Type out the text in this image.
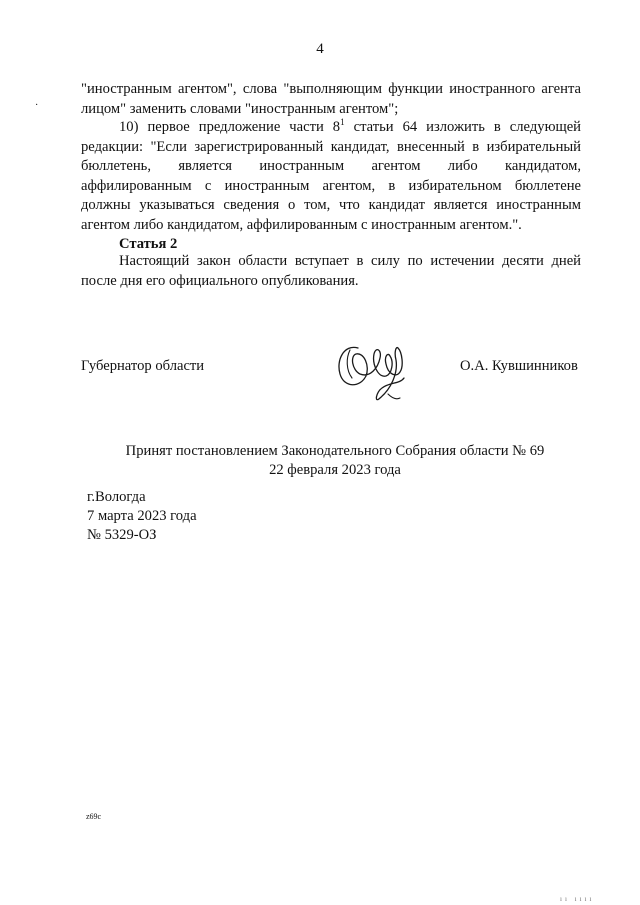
4
·
"иностранным агентом", слова "выполняющим функции иностранного агента
лицом" заменить словами "иностранным агентом";
10) первое предложение части $8^1$ статьи 64 изложить в следующей
редакции: "Если зарегистрированный кандидат, внесенный в избирательный
бюллетень, является иностранным агентом либо кандидатом,
аффилированным с иностранным агентом, в избирательном бюллетене
должны указываться сведения о том, что кандидат является иностранным
агентом либо кандидатом, аффилированным с иностранным агентом.".
Статья 2
Настоящий закон области вступает в силу по истечении десяти дней
после дня его официального опубликования.
Губернатор области	О.А. Кувшинников
Принят постановлением Законодательного Собрания области № 69
22 февраля 2023 года
г.Вологда
7 марта 2023 года
№ 5329-ОЗ
z69c
ıı ıııı
